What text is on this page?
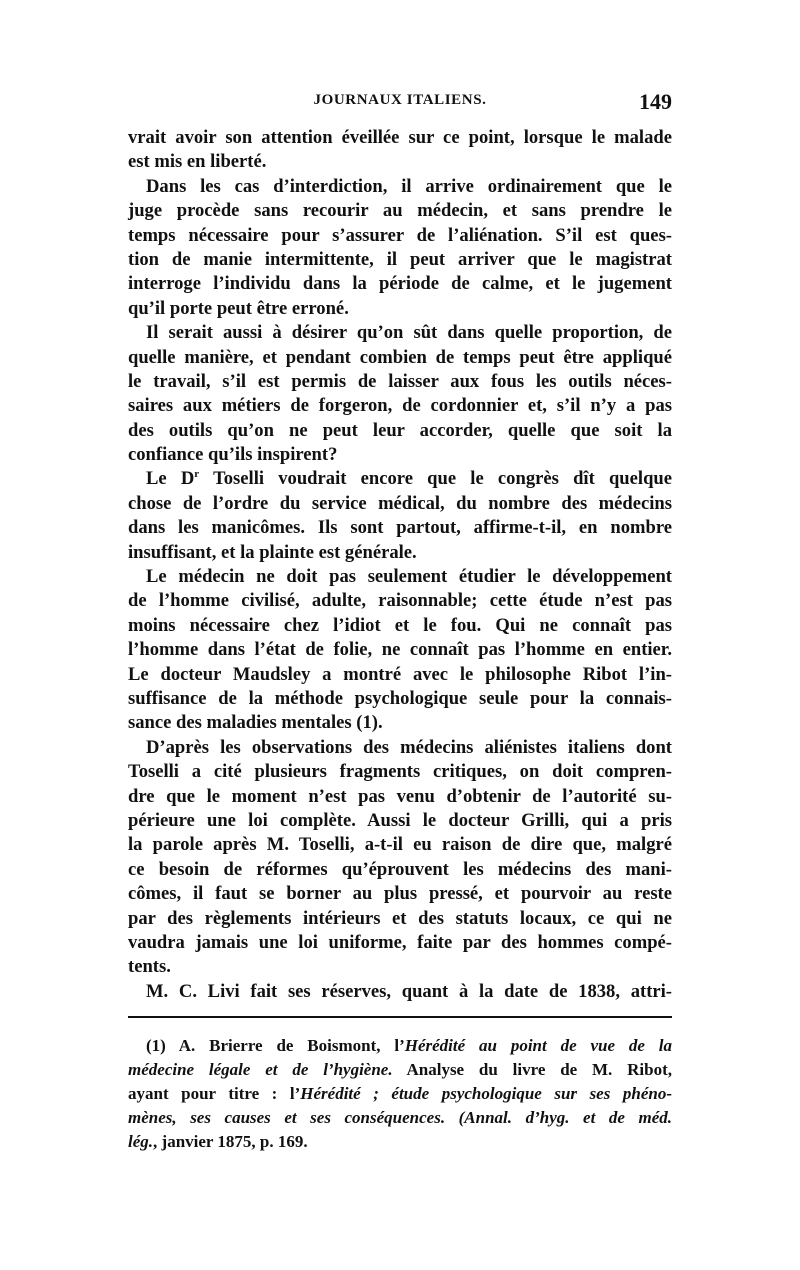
JOURNAUX ITALIENS.	149
vrait avoir son attention éveillée sur ce point, lorsque le malade
est mis en liberté.
Dans les cas d’interdiction, il arrive ordinairement que le
juge procède sans recourir au médecin, et sans prendre le
temps nécessaire pour s’assurer de l’aliénation. S’il est ques-
tion de manie intermittente, il peut arriver que le magistrat
interroge l’individu dans la période de calme, et le jugement
qu’il porte peut être erroné.
Il serait aussi à désirer qu’on sût dans quelle proportion, de
quelle manière, et pendant combien de temps peut être appliqué
le travail, s’il est permis de laisser aux fous les outils néces-
saires aux métiers de forgeron, de cordonnier et, s’il n’y a pas
des outils qu’on ne peut leur accorder, quelle que soit la
confiance qu’ils inspirent?
Le $D^r$ Toselli voudrait encore que le congrès dît quelque
chose de l’ordre du service médical, du nombre des médecins
dans les manicômes. Ils sont partout, affirme-t-il, en nombre
insuffisant, et la plainte est générale.
Le médecin ne doit pas seulement étudier le développement
de l’homme civilisé, adulte, raisonnable; cette étude n’est pas
moins nécessaire chez l’idiot et le fou. Qui ne connaît pas
l’homme dans l’état de folie, ne connaît pas l’homme en entier.
Le docteur Maudsley a montré avec le philosophe Ribot l’in-
suffisance de la méthode psychologique seule pour la connais-
sance des maladies mentales (1).
D’après les observations des médecins aliénistes italiens dont
Toselli a cité plusieurs fragments critiques, on doit compren-
dre que le moment n’est pas venu d’obtenir de l’autorité su-
périeure une loi complète. Aussi le docteur Grilli, qui a pris
la parole après M. Toselli, a-t-il eu raison de dire que, malgré
ce besoin de réformes qu’éprouvent les médecins des mani-
cômes, il faut se borner au plus pressé, et pourvoir au reste
par des règlements intérieurs et des statuts locaux, ce qui ne
vaudra jamais une loi uniforme, faite par des hommes compé-
tents.
M. C. Livi fait ses réserves, quant à la date de 1838, attri-
(1) A. Brierre de Boismont, l’Hérédité au point de vue de la
médecine légale et de l’hygiène. Analyse du livre de M. Ribot,
ayant pour titre : l’Hérédité ; étude psychologique sur ses phéno-
mènes, ses causes et ses conséquences. (Annal. d’hyg. et de méd.
lég., janvier 1875, p. 169.
